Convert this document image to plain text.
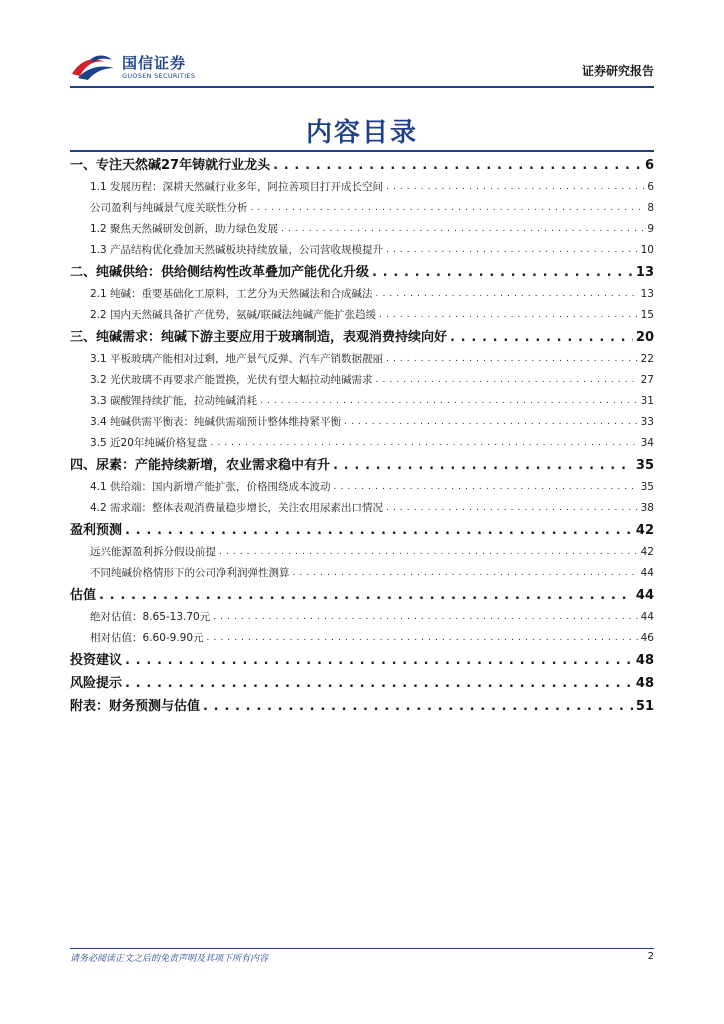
国信证券
GUOSEN SECURITIES	证券研究报告
内容目录
一、专注天然碱27年铸就行业龙头 . . .	6
1.1 发展历程：深耕天然碱行业多年，阿拉善项目打开成长空间 . . .	6
公司盈利与纯碱景气度关联性分析 . . .	8
1.2 聚焦天然碱研发创新，助力绿色发展 . . .	9
1.3 产品结构优化叠加天然碱板块持续放量，公司营收规模提升 . . .	10
二、纯碱供给：供给侧结构性改革叠加产能优化升级 . . .	13
2.1 纯碱：重要基础化工原料，工艺分为天然碱法和合成碱法 . . .	13
2.2 国内天然碱具备扩产优势，氨碱/联碱法纯碱产能扩张趋缓 . . .	15
三、纯碱需求：纯碱下游主要应用于玻璃制造，表观消费持续向好 . . .	20
3.1 平板玻璃产能相对过剩，地产景气反弹、汽车产销数据靓丽 . . .	22
3.2 光伏玻璃不再要求产能置换，光伏有望大幅拉动纯碱需求 . . .	27
3.3 碳酸锂持续扩能，拉动纯碱消耗 . . .	31
3.4 纯碱供需平衡表：纯碱供需端预计整体维持紧平衡 . . .	33
3.5 近20年纯碱价格复盘 . . .	34
四、尿素：产能持续新增，农业需求稳中有升 . . .	35
4.1 供给端：国内新增产能扩张，价格围绕成本波动 . . .	35
4.2 需求端：整体表观消费量稳步增长，关注农用尿素出口情况 . . .	38
盈利预测 . . .	42
远兴能源盈利拆分假设前提 . . .	42
不同纯碱价格情形下的公司净利润弹性测算 . . .	44
估值 . . .	44
绝对估值：8.65-13.70元 . . .	44
相对估值：6.60-9.90元 . . .	46
投资建议 . . .	48
风险提示 . . .	48
附表：财务预测与估值 . . .	51
请务必阅读正文之后的免责声明及其项下所有内容	2
